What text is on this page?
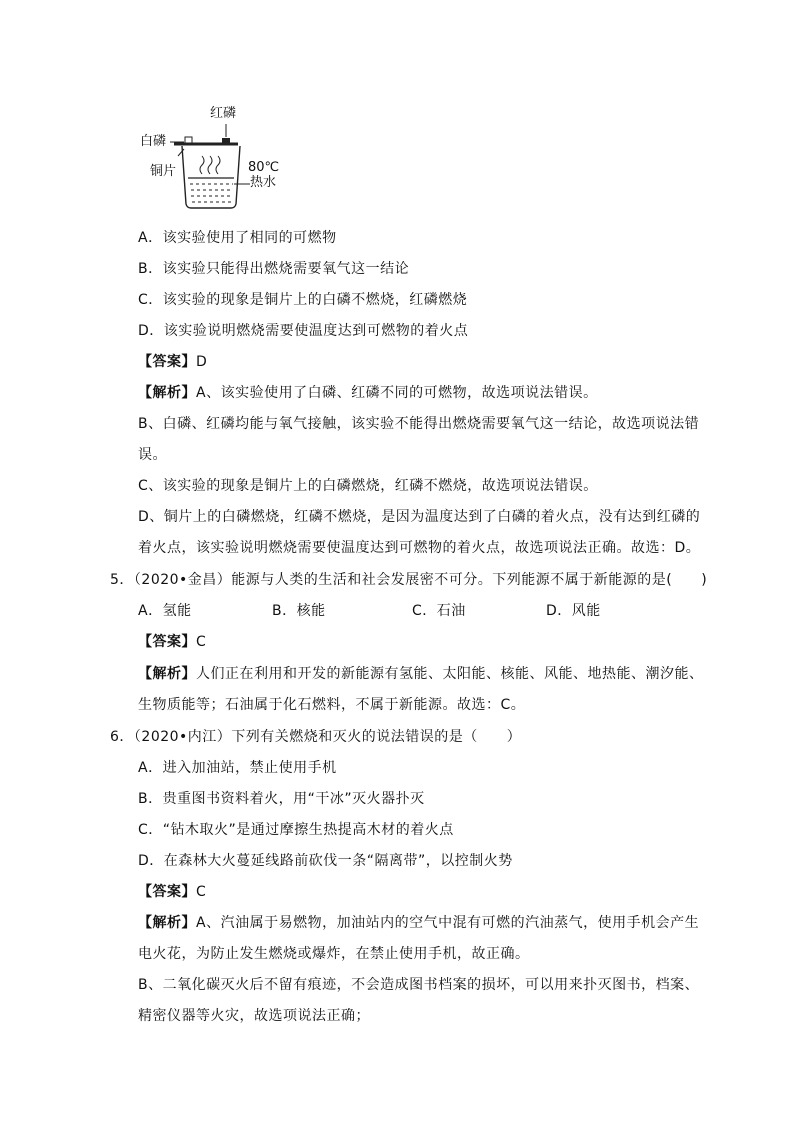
红磷
白磷
铜片	80℃
热水
A．该实验使用了相同的可燃物
B．该实验只能得出燃烧需要氧气这一结论
C．该实验的现象是铜片上的白磷不燃烧，红磷燃烧
D．该实验说明燃烧需要使温度达到可燃物的着火点
【答案】D
【解析】A、该实验使用了白磷、红磷不同的可燃物，故选项说法错误。
B、白磷、红磷均能与氧气接触，该实验不能得出燃烧需要氧气这一结论，故选项说法错
误。
C、该实验的现象是铜片上的白磷燃烧，红磷不燃烧，故选项说法错误。
D、铜片上的白磷燃烧，红磷不燃烧，是因为温度达到了白磷的着火点，没有达到红磷的
着火点，该实验说明燃烧需要使温度达到可燃物的着火点，故选项说法正确。故选：D。
5．（2020•金昌）能源与人类的生活和社会发展密不可分。下列能源不属于新能源的是(　　)
A．氢能	B．核能	C．石油	D．风能
【答案】C
【解析】人们正在利用和开发的新能源有氢能、太阳能、核能、风能、地热能、潮汐能、
生物质能等；石油属于化石燃料，不属于新能源。故选：C。
6．（2020•内江）下列有关燃烧和灭火的说法错误的是（　　）
A．进入加油站，禁止使用手机
B．贵重图书资料着火，用“干冰”灭火器扑灭
C．“钻木取火”是通过摩擦生热提高木材的着火点
D．在森林大火蔓延线路前砍伐一条“隔离带”，以控制火势
【答案】C
【解析】A、汽油属于易燃物，加油站内的空气中混有可燃的汽油蒸气，使用手机会产生
电火花，为防止发生燃烧或爆炸，在禁止使用手机，故正确。
B、二氧化碳灭火后不留有痕迹，不会造成图书档案的损坏，可以用来扑灭图书，档案、
精密仪器等火灾，故选项说法正确；
